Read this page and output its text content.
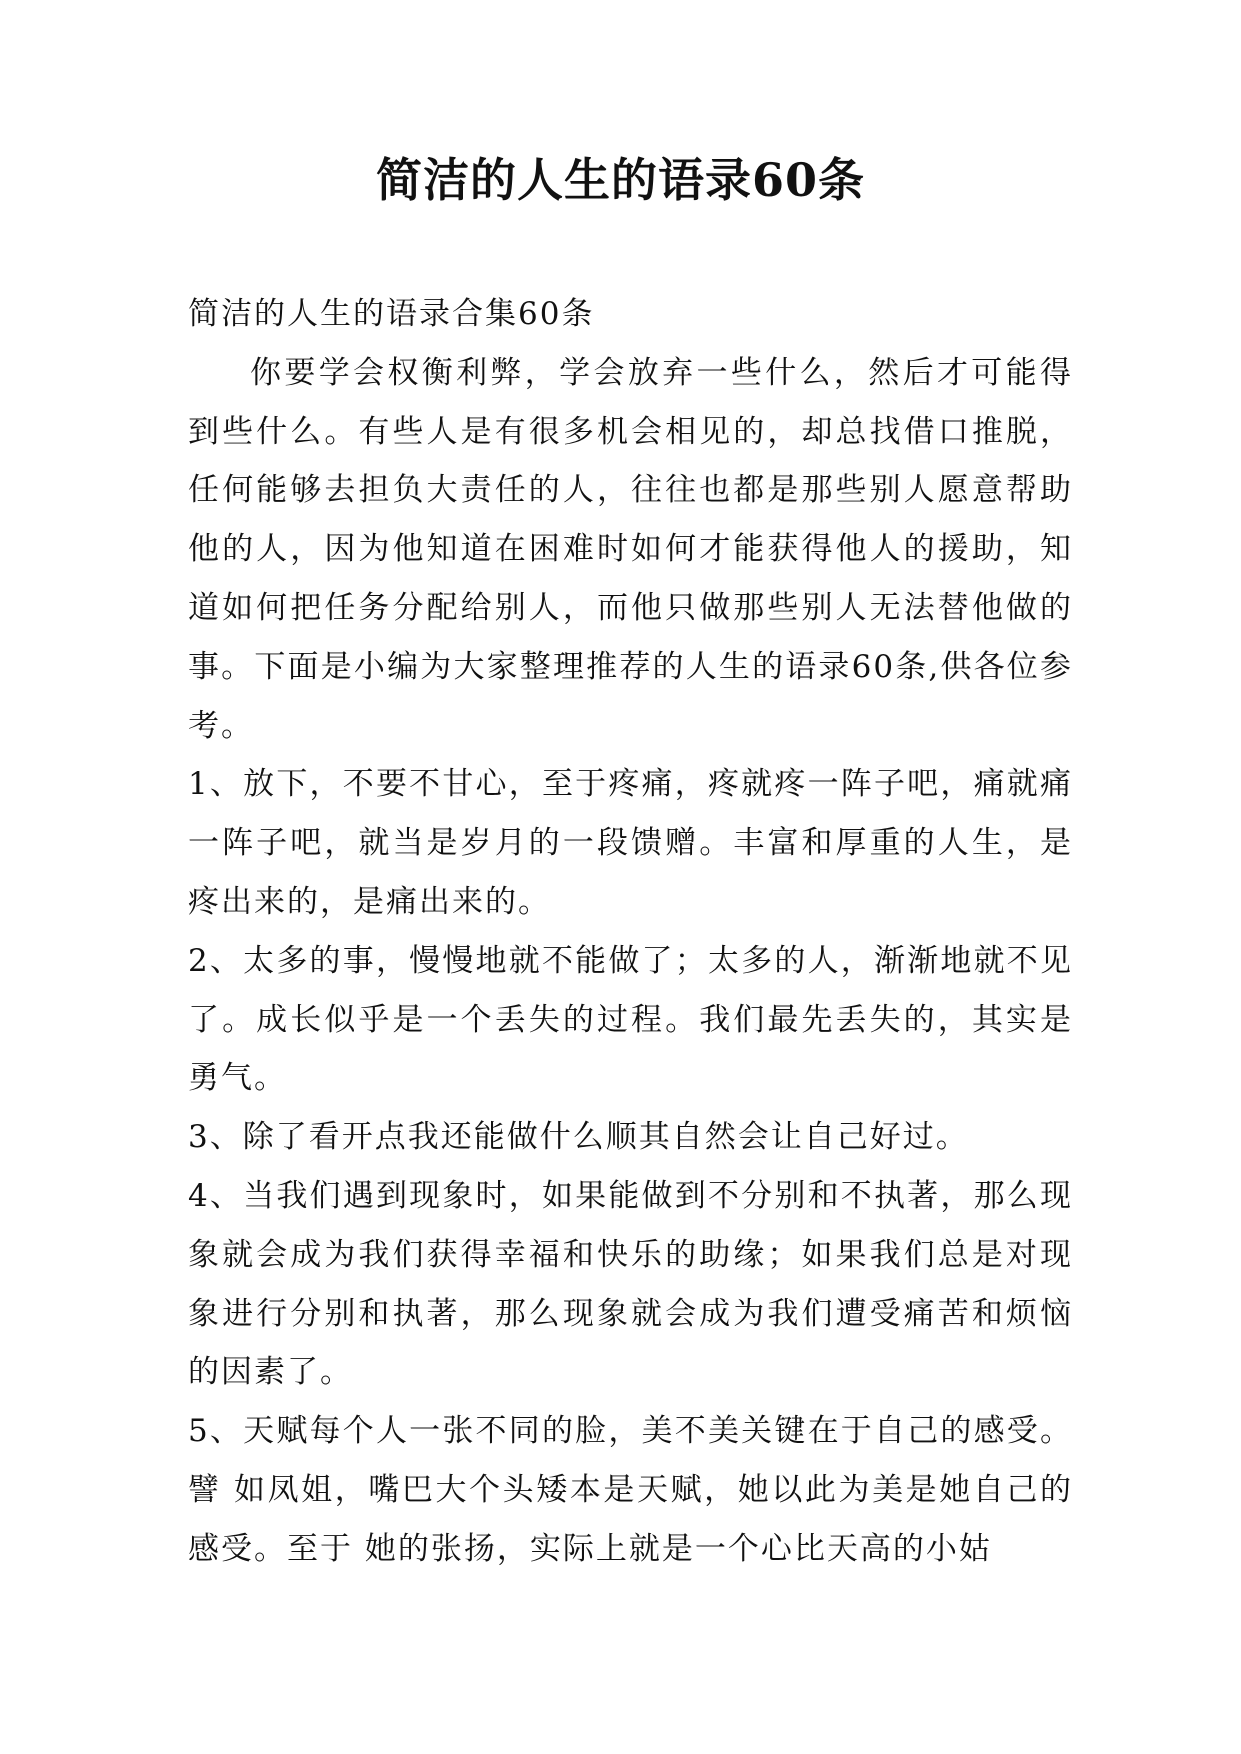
简洁的人生的语录60条

简洁的人生的语录合集60条

你要学会权衡利弊，学会放弃一些什么，然后才可能得到些什么。有些人是有很多机会相见的，却总找借口推脱，任何能够去担负大责任的人，往往也都是那些别人愿意帮助他的人，因为他知道在困难时如何才能获得他人的援助，知道如何把任务分配给别人，而他只做那些别人无法替他做的事。下面是小编为大家整理推荐的人生的语录60条,供各位参考。

1、放下，不要不甘心，至于疼痛，疼就疼一阵子吧，痛就痛一阵子吧，就当是岁月的一段馈赠。丰富和厚重的人生，是疼出来的，是痛出来的。

2、太多的事，慢慢地就不能做了；太多的人，渐渐地就不见了。成长似乎是一个丢失的过程。我们最先丢失的，其实是勇气。

3、除了看开点我还能做什么顺其自然会让自己好过。

4、当我们遇到现象时，如果能做到不分别和不执著，那么现象就会成为我们获得幸福和快乐的助缘；如果我们总是对现象进行分别和执著，那么现象就会成为我们遭受痛苦和烦恼的因素了。

5、天赋每个人一张不同的脸，美不美关键在于自己的感受。譬 如凤姐，嘴巴大个头矮本是天赋，她以此为美是她自己的感受。至于 她的张扬，实际上就是一个心比天高的小姑
